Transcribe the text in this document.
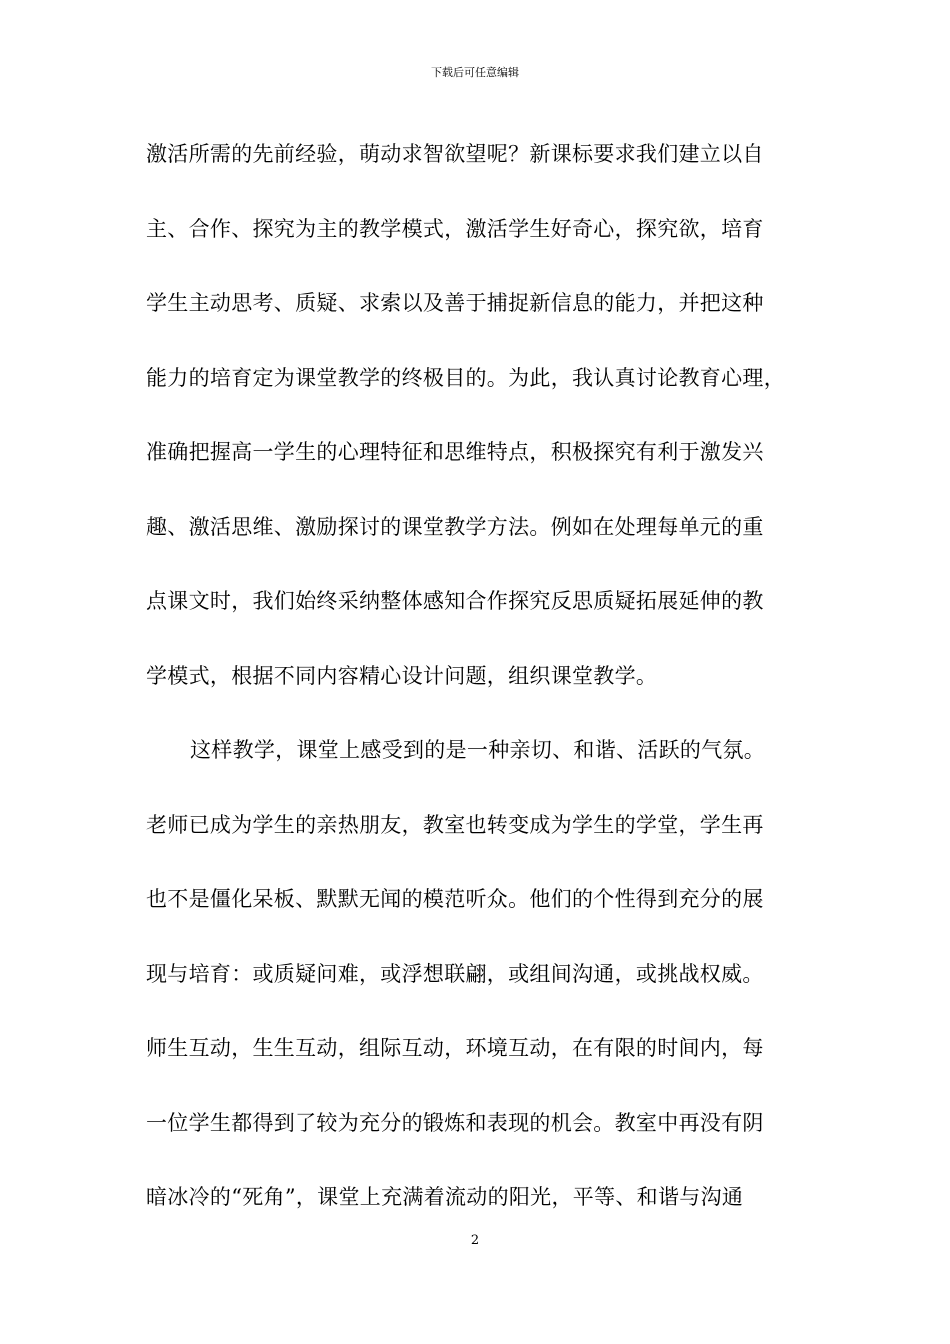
下载后可任意编辑
激活所需的先前经验，萌动求智欲望呢？新课标要求我们建立以自
主、合作、探究为主的教学模式，激活学生好奇心，探究欲，培育
学生主动思考、质疑、求索以及善于捕捉新信息的能力，并把这种
能力的培育定为课堂教学的终极目的。为此，我认真讨论教育心理，
准确把握高一学生的心理特征和思维特点，积极探究有利于激发兴
趣、激活思维、激励探讨的课堂教学方法。例如在处理每单元的重
点课文时，我们始终采纳整体感知合作探究反思质疑拓展延伸的教
学模式，根据不同内容精心设计问题，组织课堂教学。
这样教学，课堂上感受到的是一种亲切、和谐、活跃的气氛。
老师已成为学生的亲热朋友，教室也转变成为学生的学堂，学生再
也不是僵化呆板、默默无闻的模范听众。他们的个性得到充分的展
现与培育：或质疑问难，或浮想联翩，或组间沟通，或挑战权威。
师生互动，生生互动，组际互动，环境互动，在有限的时间内，每
一位学生都得到了较为充分的锻炼和表现的机会。教室中再没有阴
暗冰冷的“死角”，课堂上充满着流动的阳光，平等、和谐与沟通
2
